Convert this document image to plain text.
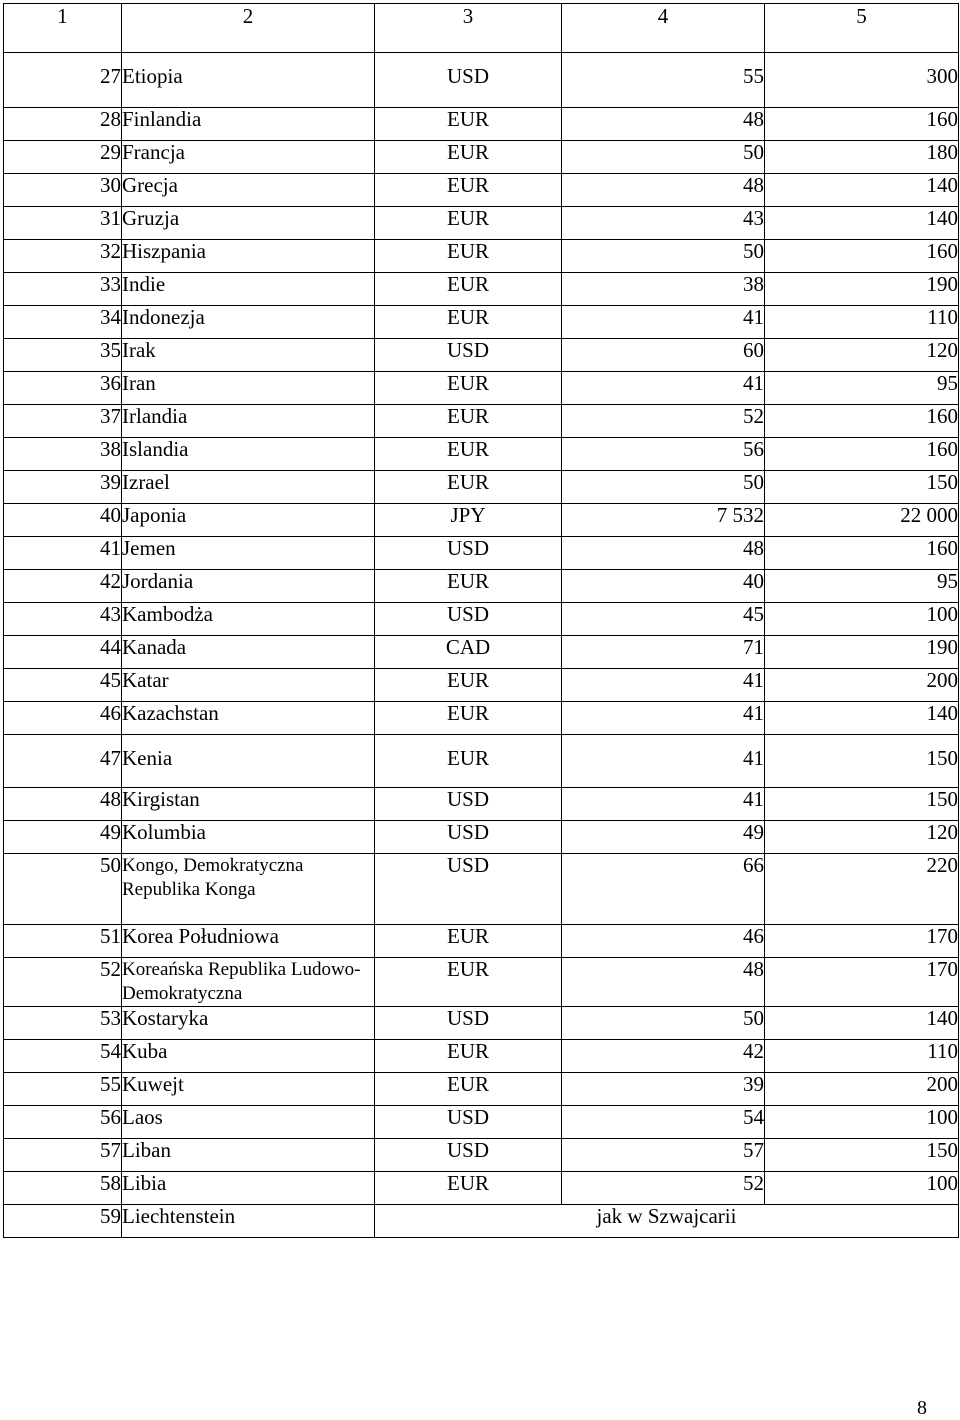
1	2	3	4	5
27	Etiopia	USD	55	300
28	Finlandia	EUR	48	160
29	Francja	EUR	50	180
30	Grecja	EUR	48	140
31	Gruzja	EUR	43	140
32	Hiszpania	EUR	50	160
33	Indie	EUR	38	190
34	Indonezja	EUR	41	110
35	Irak	USD	60	120
36	Iran	EUR	41	95
37	Irlandia	EUR	52	160
38	Islandia	EUR	56	160
39	Izrael	EUR	50	150
40	Japonia	JPY	7 532	22 000
41	Jemen	USD	48	160
42	Jordania	EUR	40	95
43	Kambodża	USD	45	100
44	Kanada	CAD	71	190
45	Katar	EUR	41	200
46	Kazachstan	EUR	41	140
47	Kenia	EUR	41	150
48	Kirgistan	USD	41	150
49	Kolumbia	USD	49	120
50	Kongo, Demokratyczna Republika Konga	USD	66	220
51	Korea Południowa	EUR	46	170
52	Koreańska Republika Ludowo-Demokratyczna	EUR	48	170
53	Kostaryka	USD	50	140
54	Kuba	EUR	42	110
55	Kuwejt	EUR	39	200
56	Laos	USD	54	100
57	Liban	USD	57	150
58	Libia	EUR	52	100
59	Liechtenstein	jak w Szwajcarii		
8
